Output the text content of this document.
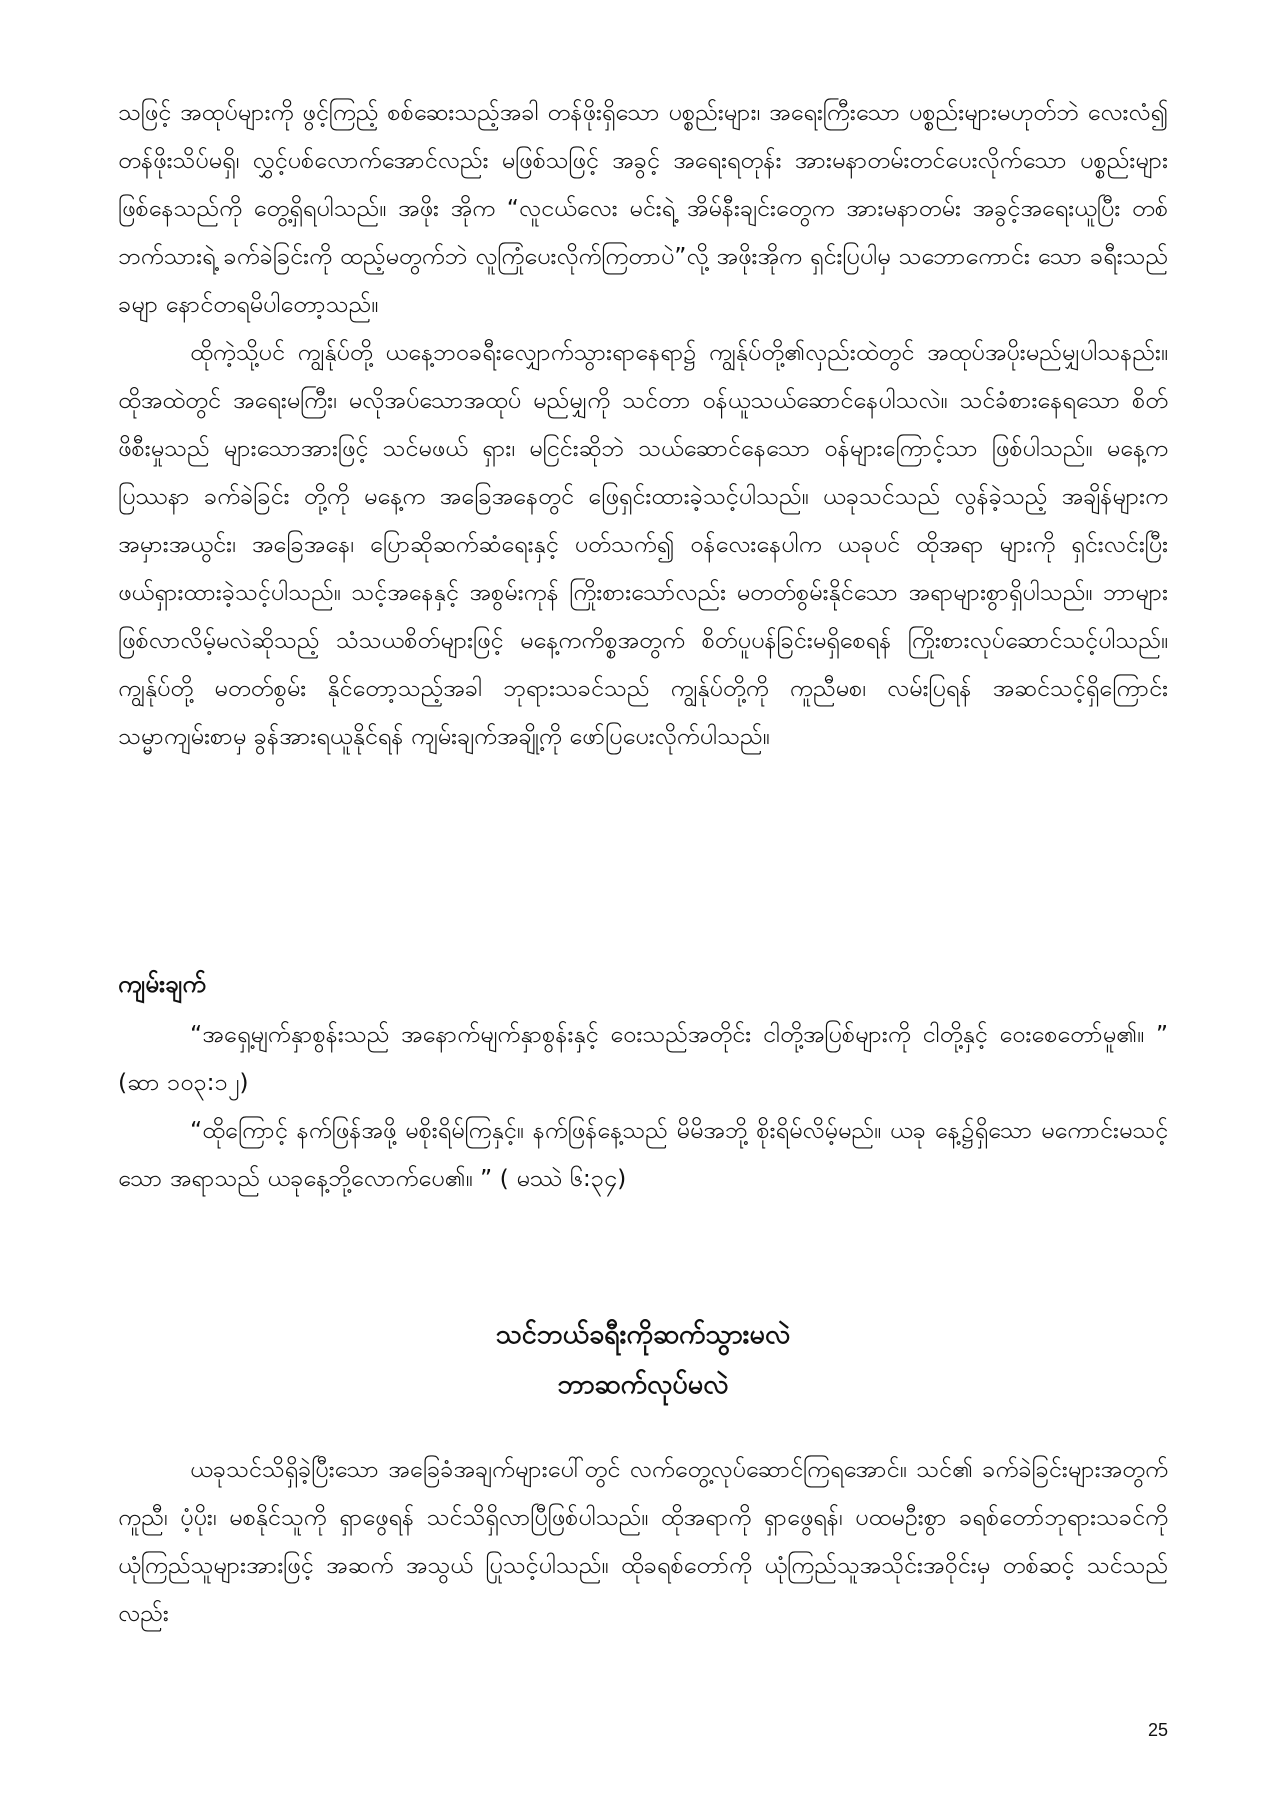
သဖြင့် အထုပ်များကို ဖွင့်ကြည့် စစ်ဆေးသည့်အခါ တန်ဖိုးရှိသော ပစ္စည်းများ၊ အရေးကြီးသော ပစ္စည်းများမဟုတ်ဘဲ လေးလံ၍ တန်ဖိုးသိပ်မရှိ၊ လွှင့်ပစ်လောက်အောင်လည်း မဖြစ်သဖြင့် အခွင့် အရေးရတုန်း အားမနာတမ်းတင်ပေးလိုက်သော ပစ္စည်းများ ဖြစ်နေသည်ကို တွေ့ရှိရပါသည်။ အဖိုး အိုက “လူငယ်လေး မင်းရဲ့ အိမ်နီးချင်းတွေက အားမနာတမ်း အခွင့်အရေးယူပြီး တစ်ဘက်သားရဲ့ ခက်ခဲခြင်းကို ထည့်မတွက်ဘဲ လူကြုံပေးလိုက်ကြတာပဲ”လို့ အဖိုးအိုက ရှင်းပြပါမှ သဘောကောင်း သော ခရီးသည်ခမျာ နောင်တရမိပါတော့သည်။

ထိုကဲ့သို့ပင် ကျွန်ုပ်တို့ ယနေ့ဘဝခရီးလျှောက်သွားရာနေရာ၌ ကျွန်ုပ်တို့၏လှည်းထဲတွင် အထုပ်အပိုးမည်မျှပါသနည်း။ ထိုအထဲတွင် အရေးမကြီး၊ မလိုအပ်သောအထုပ် မည်မျှကို သင်တာ ဝန်ယူသယ်ဆောင်နေပါသလဲ။ သင်ခံစားနေရသော စိတ်ဖိစီးမှုသည် များသောအားဖြင့် သင်မဖယ် ရှား၊ မငြင်းဆိုဘဲ သယ်ဆောင်နေသော ဝန်များကြောင့်သာ ဖြစ်ပါသည်။ မနေ့ကပြဿနာ ခက်ခဲခြင်း တို့ကို မနေ့က အခြေအနေတွင် ဖြေရှင်းထားခဲ့သင့်ပါသည်။ ယခုသင်သည် လွန်ခဲ့သည့် အချိန်များက အမှားအယွင်း၊ အခြေအနေ၊ ပြောဆိုဆက်ဆံရေးနှင့် ပတ်သက်၍ ဝန်လေးနေပါက ယခုပင် ထိုအရာ များကို ရှင်းလင်းပြီး ဖယ်ရှားထားခဲ့သင့်ပါသည်။ သင့်အနေနှင့် အစွမ်းကုန် ကြိုးစားသော်လည်း မတတ်စွမ်းနိုင်သော အရာများစွာရှိပါသည်။ ဘာများ ဖြစ်လာလိမ့်မလဲဆိုသည့် သံသယစိတ်များဖြင့် မနေ့ကကိစ္စအတွက် စိတ်ပူပန်ခြင်းမရှိစေရန် ကြိုးစားလုပ်ဆောင်သင့်ပါသည်။ ကျွန်ုပ်တို့ မတတ်စွမ်း နိုင်တော့သည့်အခါ ဘုရားသခင်သည် ကျွန်ုပ်တို့ကို ကူညီမစ၊ လမ်းပြရန် အဆင်သင့်ရှိကြောင်း သမ္မာကျမ်းစာမှ ခွန်အားရယူနိုင်ရန် ကျမ်းချက်အချို့ကို ဖော်ပြပေးလိုက်ပါသည်။

ကျမ်းချက်

“အရှေ့မျက်နှာစွန်းသည် အနောက်မျက်နှာစွန်းနှင့် ဝေးသည်အတိုင်း ငါတို့အပြစ်များကို ငါတို့နှင့် ဝေးစေတော်မူ၏။ ” (ဆာ ၁၀၃:၁၂)

“ထိုကြောင့် နက်ဖြန်အဖို့ မစိုးရိမ်ကြနှင့်။ နက်ဖြန်နေ့သည် မိမိအဘို့ စိုးရိမ်လိမ့်မည်။ ယခု နေ့၌ရှိသော မကောင်းမသင့်သော အရာသည် ယခုနေ့ဘို့လောက်ပေ၏။ ” ( မဿဲ ၆:၃၄)

သင်ဘယ်ခရီးကိုဆက်သွားမလဲ
ဘာဆက်လုပ်မလဲ

ယခုသင်သိရှိခဲ့ပြီးသော အခြေခံအချက်များပေါ်တွင် လက်တွေ့လုပ်ဆောင်ကြရအောင်။ သင်၏ ခက်ခဲခြင်းများအတွက် ကူညီ၊ ပံ့ပိုး၊ မစနိုင်သူကို ရှာဖွေရန် သင်သိရှိလာပြီဖြစ်ပါသည်။ ထိုအရာကို ရှာဖွေရန်၊ ပထမဦးစွာ ခရစ်တော်ဘုရားသခင်ကို ယုံကြည်သူများအားဖြင့် အဆက် အသွယ် ပြုသင့်ပါသည်။ ထိုခရစ်တော်ကို ယုံကြည်သူအသိုင်းအဝိုင်းမှ တစ်ဆင့် သင်သည်လည်း

25
